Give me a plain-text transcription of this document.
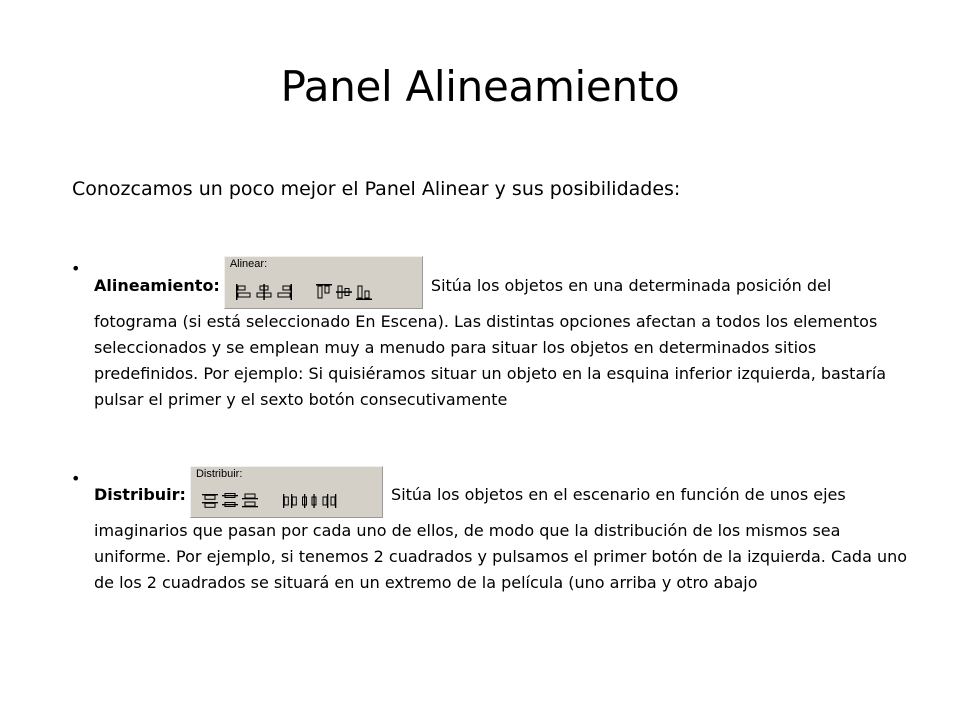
Panel Alineamiento
Conozcamos un poco mejor el Panel Alinear y sus posibilidades:
•
Alineamiento:
Alinear:
Sitúa los objetos en una determinada posición del fotograma (si está seleccionado En Escena). Las distintas opciones afectan a todos los elementos seleccionados y se emplean muy a menudo para situar los objetos en determinados sitios predefinidos. Por ejemplo: Si quisiéramos situar un objeto en la esquina inferior izquierda, bastaría pulsar el primer y el sexto botón consecutivamente
•
Distribuir:
Distribuir:
Sitúa los objetos en el escenario en función de unos ejes imaginarios que pasan por cada uno de ellos, de modo que la distribución de los mismos sea uniforme. Por ejemplo, si tenemos 2 cuadrados y pulsamos el primer botón de la izquierda. Cada uno de los 2 cuadrados se situará en un extremo de la película (uno arriba y otro abajo
